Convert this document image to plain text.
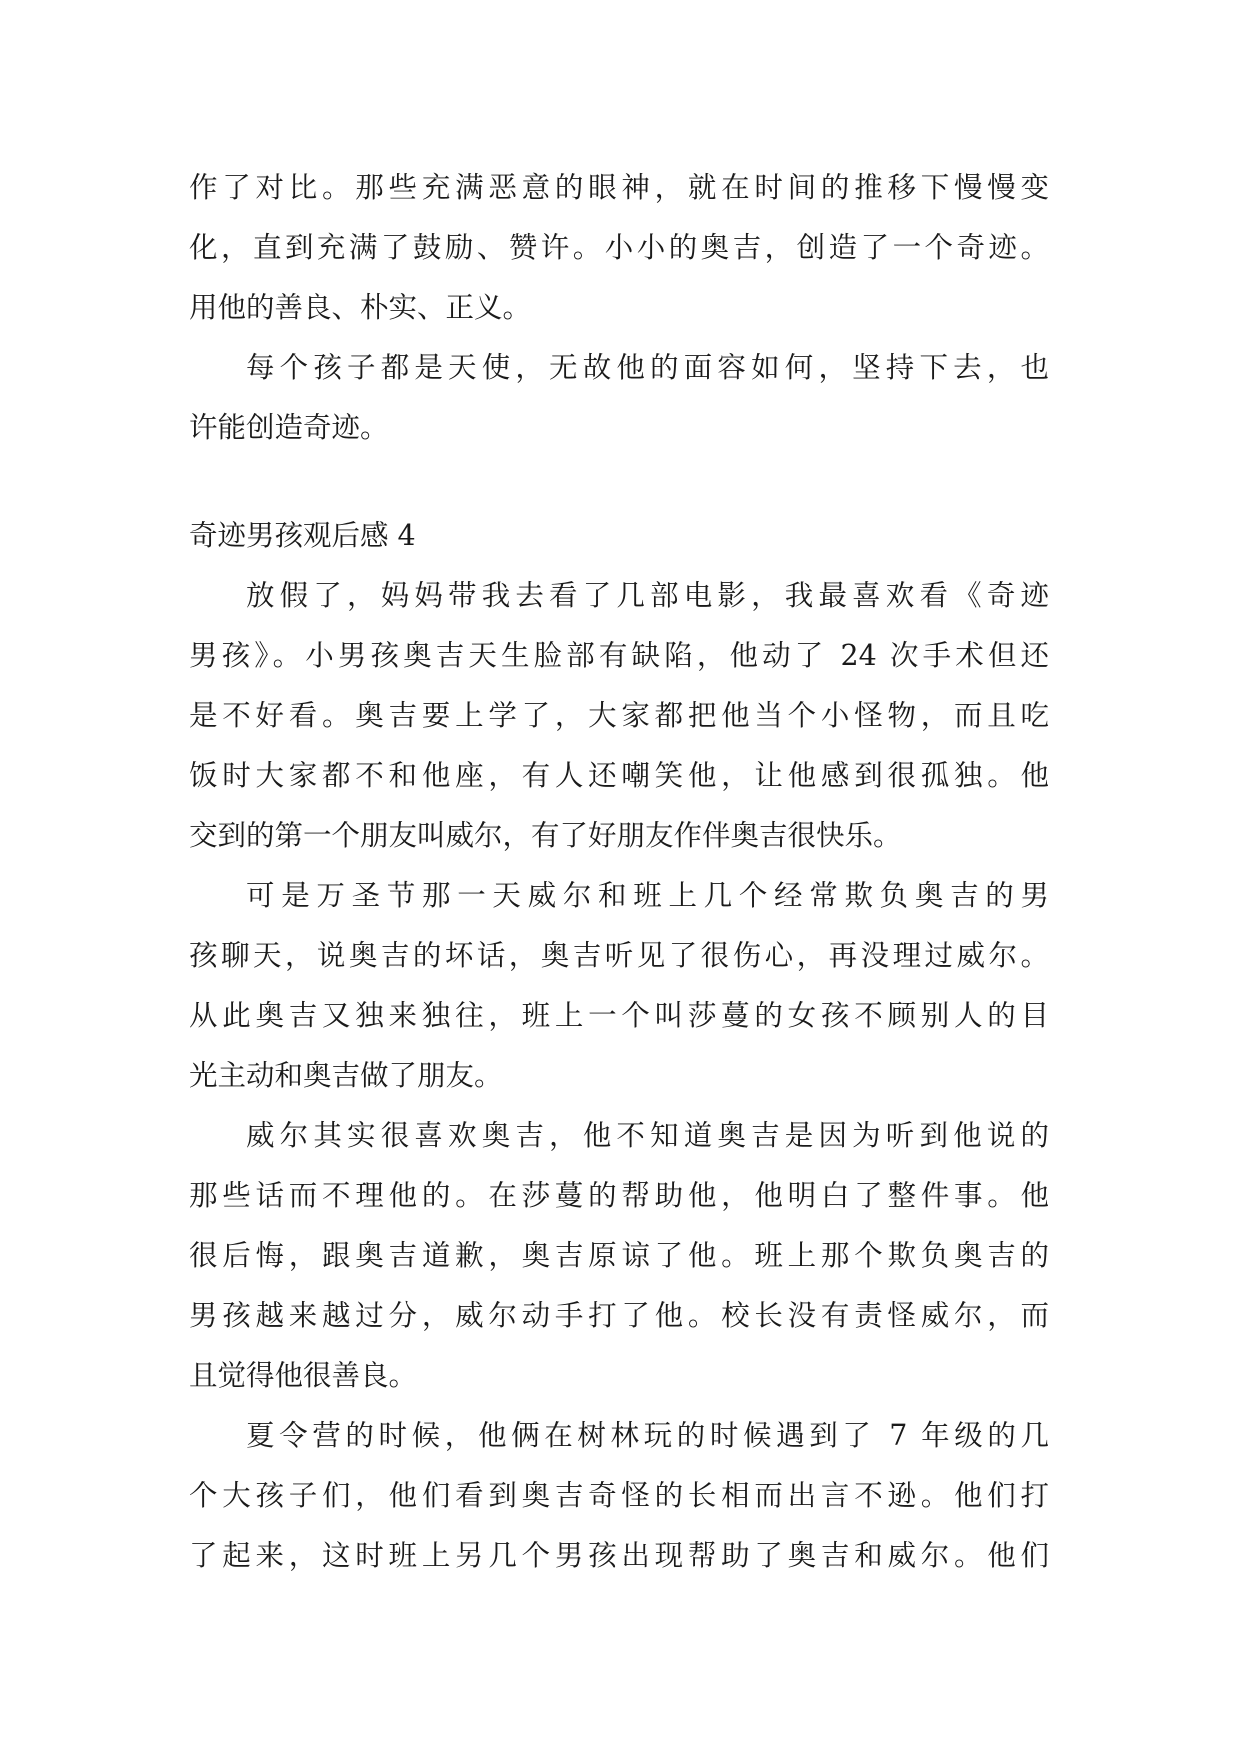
作了对比。那些充满恶意的眼神，就在时间的推移下慢慢变
化，直到充满了鼓励、赞许。小小的奥吉，创造了一个奇迹。
用他的善良、朴实、正义。
每个孩子都是天使，无故他的面容如何，坚持下去，也
许能创造奇迹。
奇迹男孩观后感 4
放假了，妈妈带我去看了几部电影，我最喜欢看《奇迹
男孩》。小男孩奥吉天生脸部有缺陷，他动了 24 次手术但还
是不好看。奥吉要上学了，大家都把他当个小怪物，而且吃
饭时大家都不和他座，有人还嘲笑他，让他感到很孤独。他
交到的第一个朋友叫威尔，有了好朋友作伴奥吉很快乐。
可是万圣节那一天威尔和班上几个经常欺负奥吉的男
孩聊天，说奥吉的坏话，奥吉听见了很伤心，再没理过威尔。
从此奥吉又独来独往，班上一个叫莎蔓的女孩不顾别人的目
光主动和奥吉做了朋友。
威尔其实很喜欢奥吉，他不知道奥吉是因为听到他说的
那些话而不理他的。在莎蔓的帮助他，他明白了整件事。他
很后悔，跟奥吉道歉，奥吉原谅了他。班上那个欺负奥吉的
男孩越来越过分，威尔动手打了他。校长没有责怪威尔，而
且觉得他很善良。
夏令营的时候，他俩在树林玩的时候遇到了 7 年级的几
个大孩子们，他们看到奥吉奇怪的长相而出言不逊。他们打
了起来，这时班上另几个男孩出现帮助了奥吉和威尔。他们
